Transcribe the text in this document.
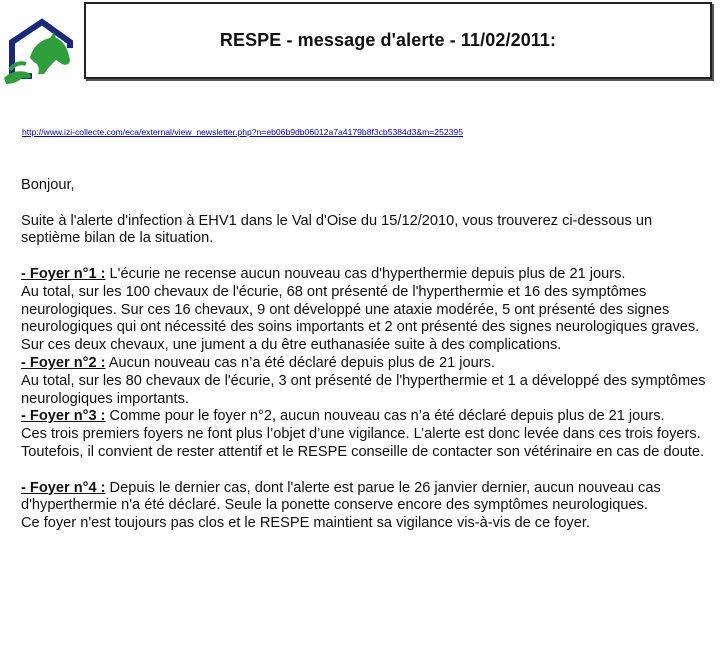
RESPE - message d'alerte - 11/02/2011:
http://www.izi-collecte.com/eca/external/view_newsletter.php?n=eb06b9db06012a7a4179b8f3cb5384d3&m=252395

Bonjour,

Suite à l'alerte d'infection à EHV1 dans le Val d'Oise du 15/12/2010, vous trouverez ci-dessous un septième bilan de la situation.

- Foyer n°1 : L'écurie ne recense aucun nouveau cas d'hyperthermie depuis plus de 21 jours.

Au total, sur les 100 chevaux de l'écurie, 68 ont présenté de l'hyperthermie et 16 des symptômes neurologiques. Sur ces 16 chevaux, 9 ont développé une ataxie modérée, 5 ont présenté des signes neurologiques qui ont nécessité des soins importants et 2 ont présenté des signes neurologiques graves. Sur ces deux chevaux, une jument a du être euthanasiée suite à des complications.

- Foyer n°2 : Aucun nouveau cas n’a été déclaré depuis plus de 21 jours.

Au total, sur les 80 chevaux de l'écurie, 3 ont présenté de l'hyperthermie et 1 a développé des symptômes neurologiques importants.

- Foyer n°3 : Comme pour le foyer n°2, aucun nouveau cas n’a été déclaré depuis plus de 21 jours.

Ces trois premiers foyers ne font plus l’objet d’une vigilance. L’alerte est donc levée dans ces trois foyers.

Toutefois, il convient de rester attentif et le RESPE conseille de contacter son vétérinaire en cas de doute.

- Foyer n°4 : Depuis le dernier cas, dont l'alerte est parue le 26 janvier dernier, aucun nouveau cas d'hyperthermie n'a été déclaré. Seule la ponette conserve encore des symptômes neurologiques.

Ce foyer n'est toujours pas clos et le RESPE maintient sa vigilance vis-à-vis de ce foyer.
